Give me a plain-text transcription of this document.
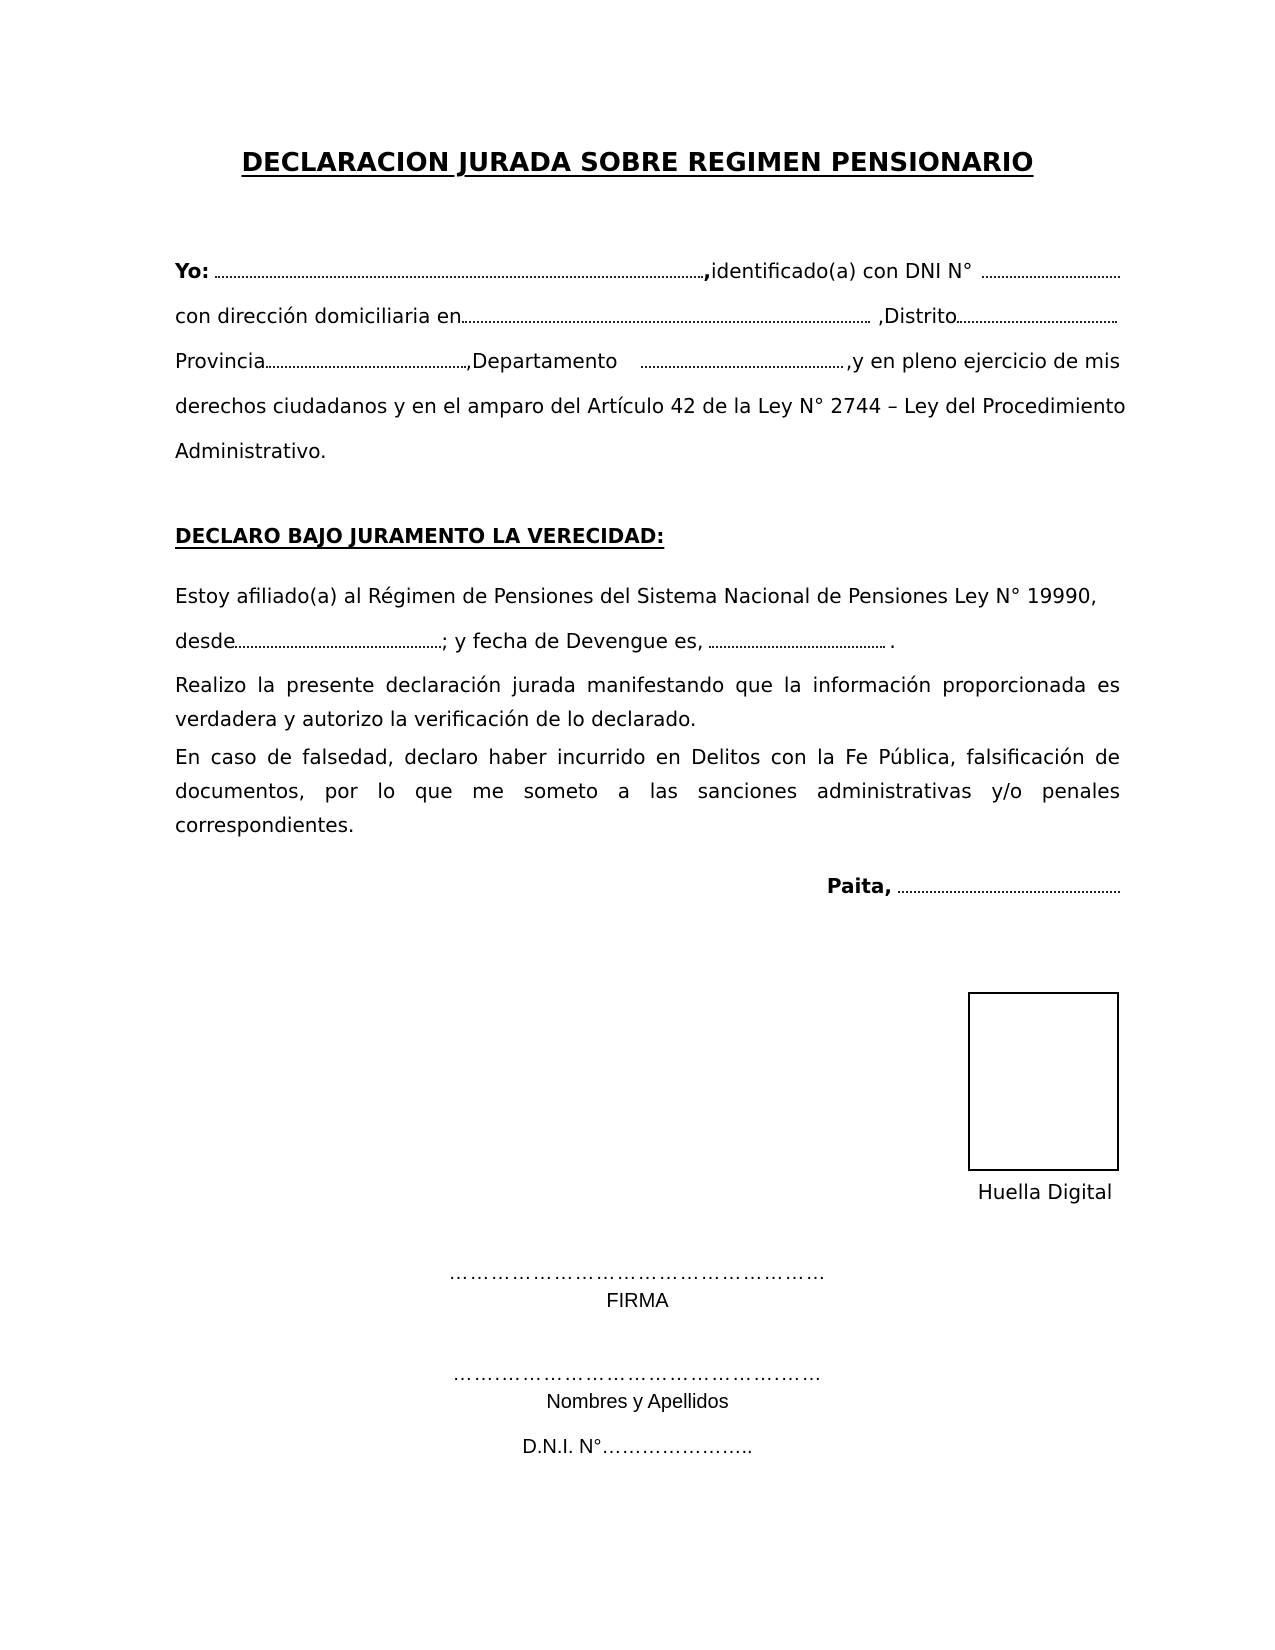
DECLARACION JURADA SOBRE REGIMEN PENSIONARIO
Yo:	, identificado(a) con DNI N°
con dirección domiciliaria en	,Distrito
Provincia	,Departamento	,y en pleno ejercicio de mis
derechos ciudadanos y en el amparo del Artículo 42 de la Ley N° 2744 – Ley del Procedimiento
Administrativo.
DECLARO BAJO JURAMENTO LA VERECIDAD:
Estoy afiliado(a) al Régimen de Pensiones del Sistema Nacional de Pensiones Ley N° 19990,
desde	; y fecha de Devengue es,	.
Realizo la presente declaración jurada manifestando que la información proporcionada es verdadera y autorizo la verificación de lo declarado.
En caso de falsedad, declaro haber incurrido en Delitos con la Fe Pública, falsificación de documentos, por lo que me someto a las sanciones administrativas y/o penales correspondientes.
Paita,
Huella Digital
………………………………………………
FIRMA
…….………………………………….……
Nombres y Apellidos
D.N.I. N°…………………..
